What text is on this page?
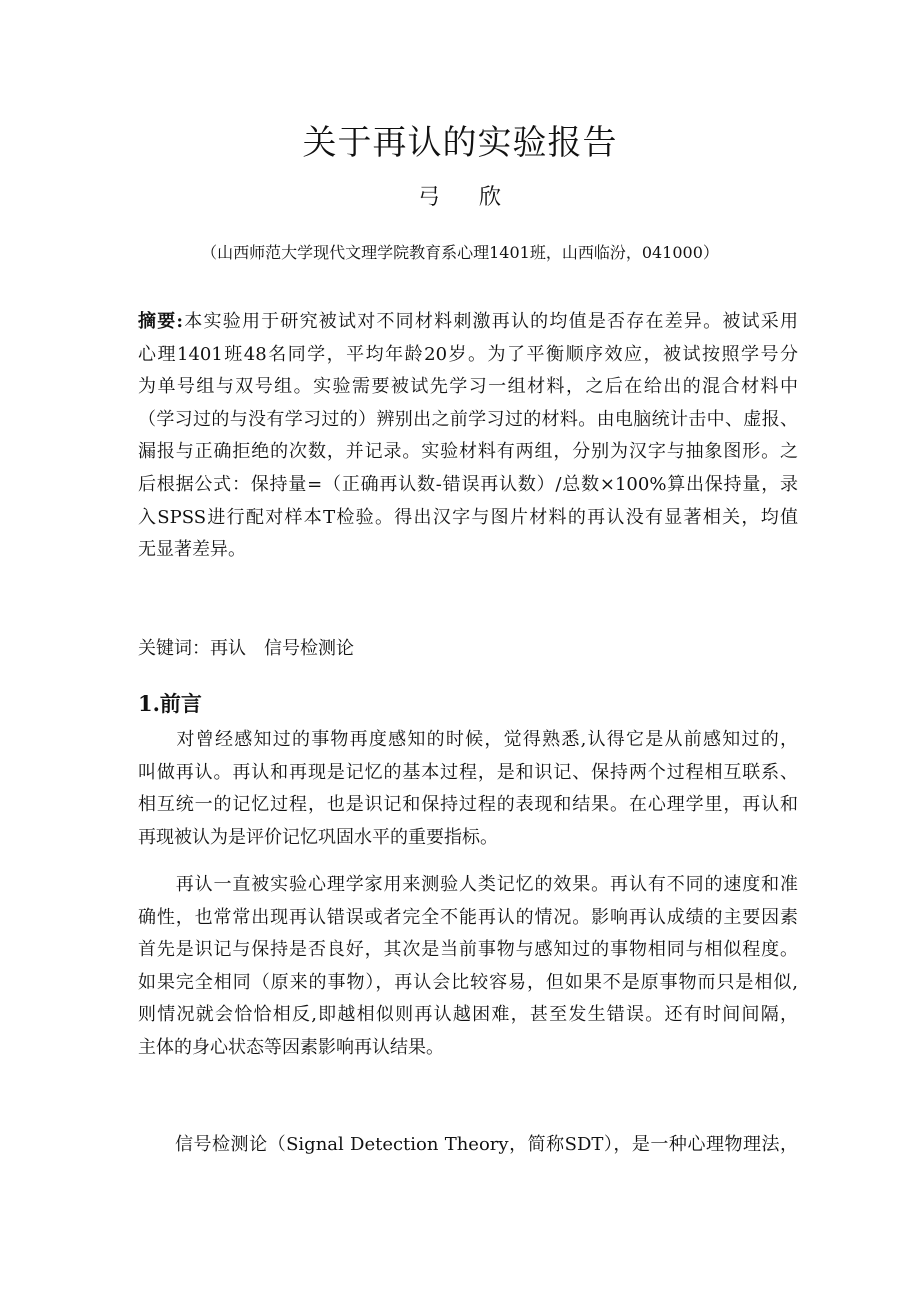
关于再认的实验报告
弓 欣
（山西师范大学现代文理学院教育系心理1401班，山西临汾，041000）
摘要:本实验用于研究被试对不同材料刺激再认的均值是否存在差异。被试采用
心理1401班48名同学，平均年龄20岁。为了平衡顺序效应，被试按照学号分
为单号组与双号组。实验需要被试先学习一组材料，之后在给出的混合材料中
（学习过的与没有学习过的）辨别出之前学习过的材料。由电脑统计击中、虚报、
漏报与正确拒绝的次数，并记录。实验材料有两组，分别为汉字与抽象图形。之
后根据公式：保持量=（正确再认数-错误再认数）/总数×100%算出保持量，录
入SPSS进行配对样本T检验。得出汉字与图片材料的再认没有显著相关，均值
无显著差异。
关键词：再认　信号检测论
1.前言
　　对曾经感知过的事物再度感知的时候，觉得熟悉,认得它是从前感知过的，
叫做再认。再认和再现是记忆的基本过程，是和识记、保持两个过程相互联系、
相互统一的记忆过程，也是识记和保持过程的表现和结果。在心理学里，再认和
再现被认为是评价记忆巩固水平的重要指标。
　　再认一直被实验心理学家用来测验人类记忆的效果。再认有不同的速度和准
确性，也常常出现再认错误或者完全不能再认的情况。影响再认成绩的主要因素
首先是识记与保持是否良好，其次是当前事物与感知过的事物相同与相似程度。
如果完全相同（原来的事物），再认会比较容易，但如果不是原事物而只是相似,
则情况就会恰恰相反,即越相似则再认越困难，甚至发生错误。还有时间间隔，
主体的身心状态等因素影响再认结果。
　　信号检测论（Signal Detection Theory，简称SDT），是一种心理物理法，
